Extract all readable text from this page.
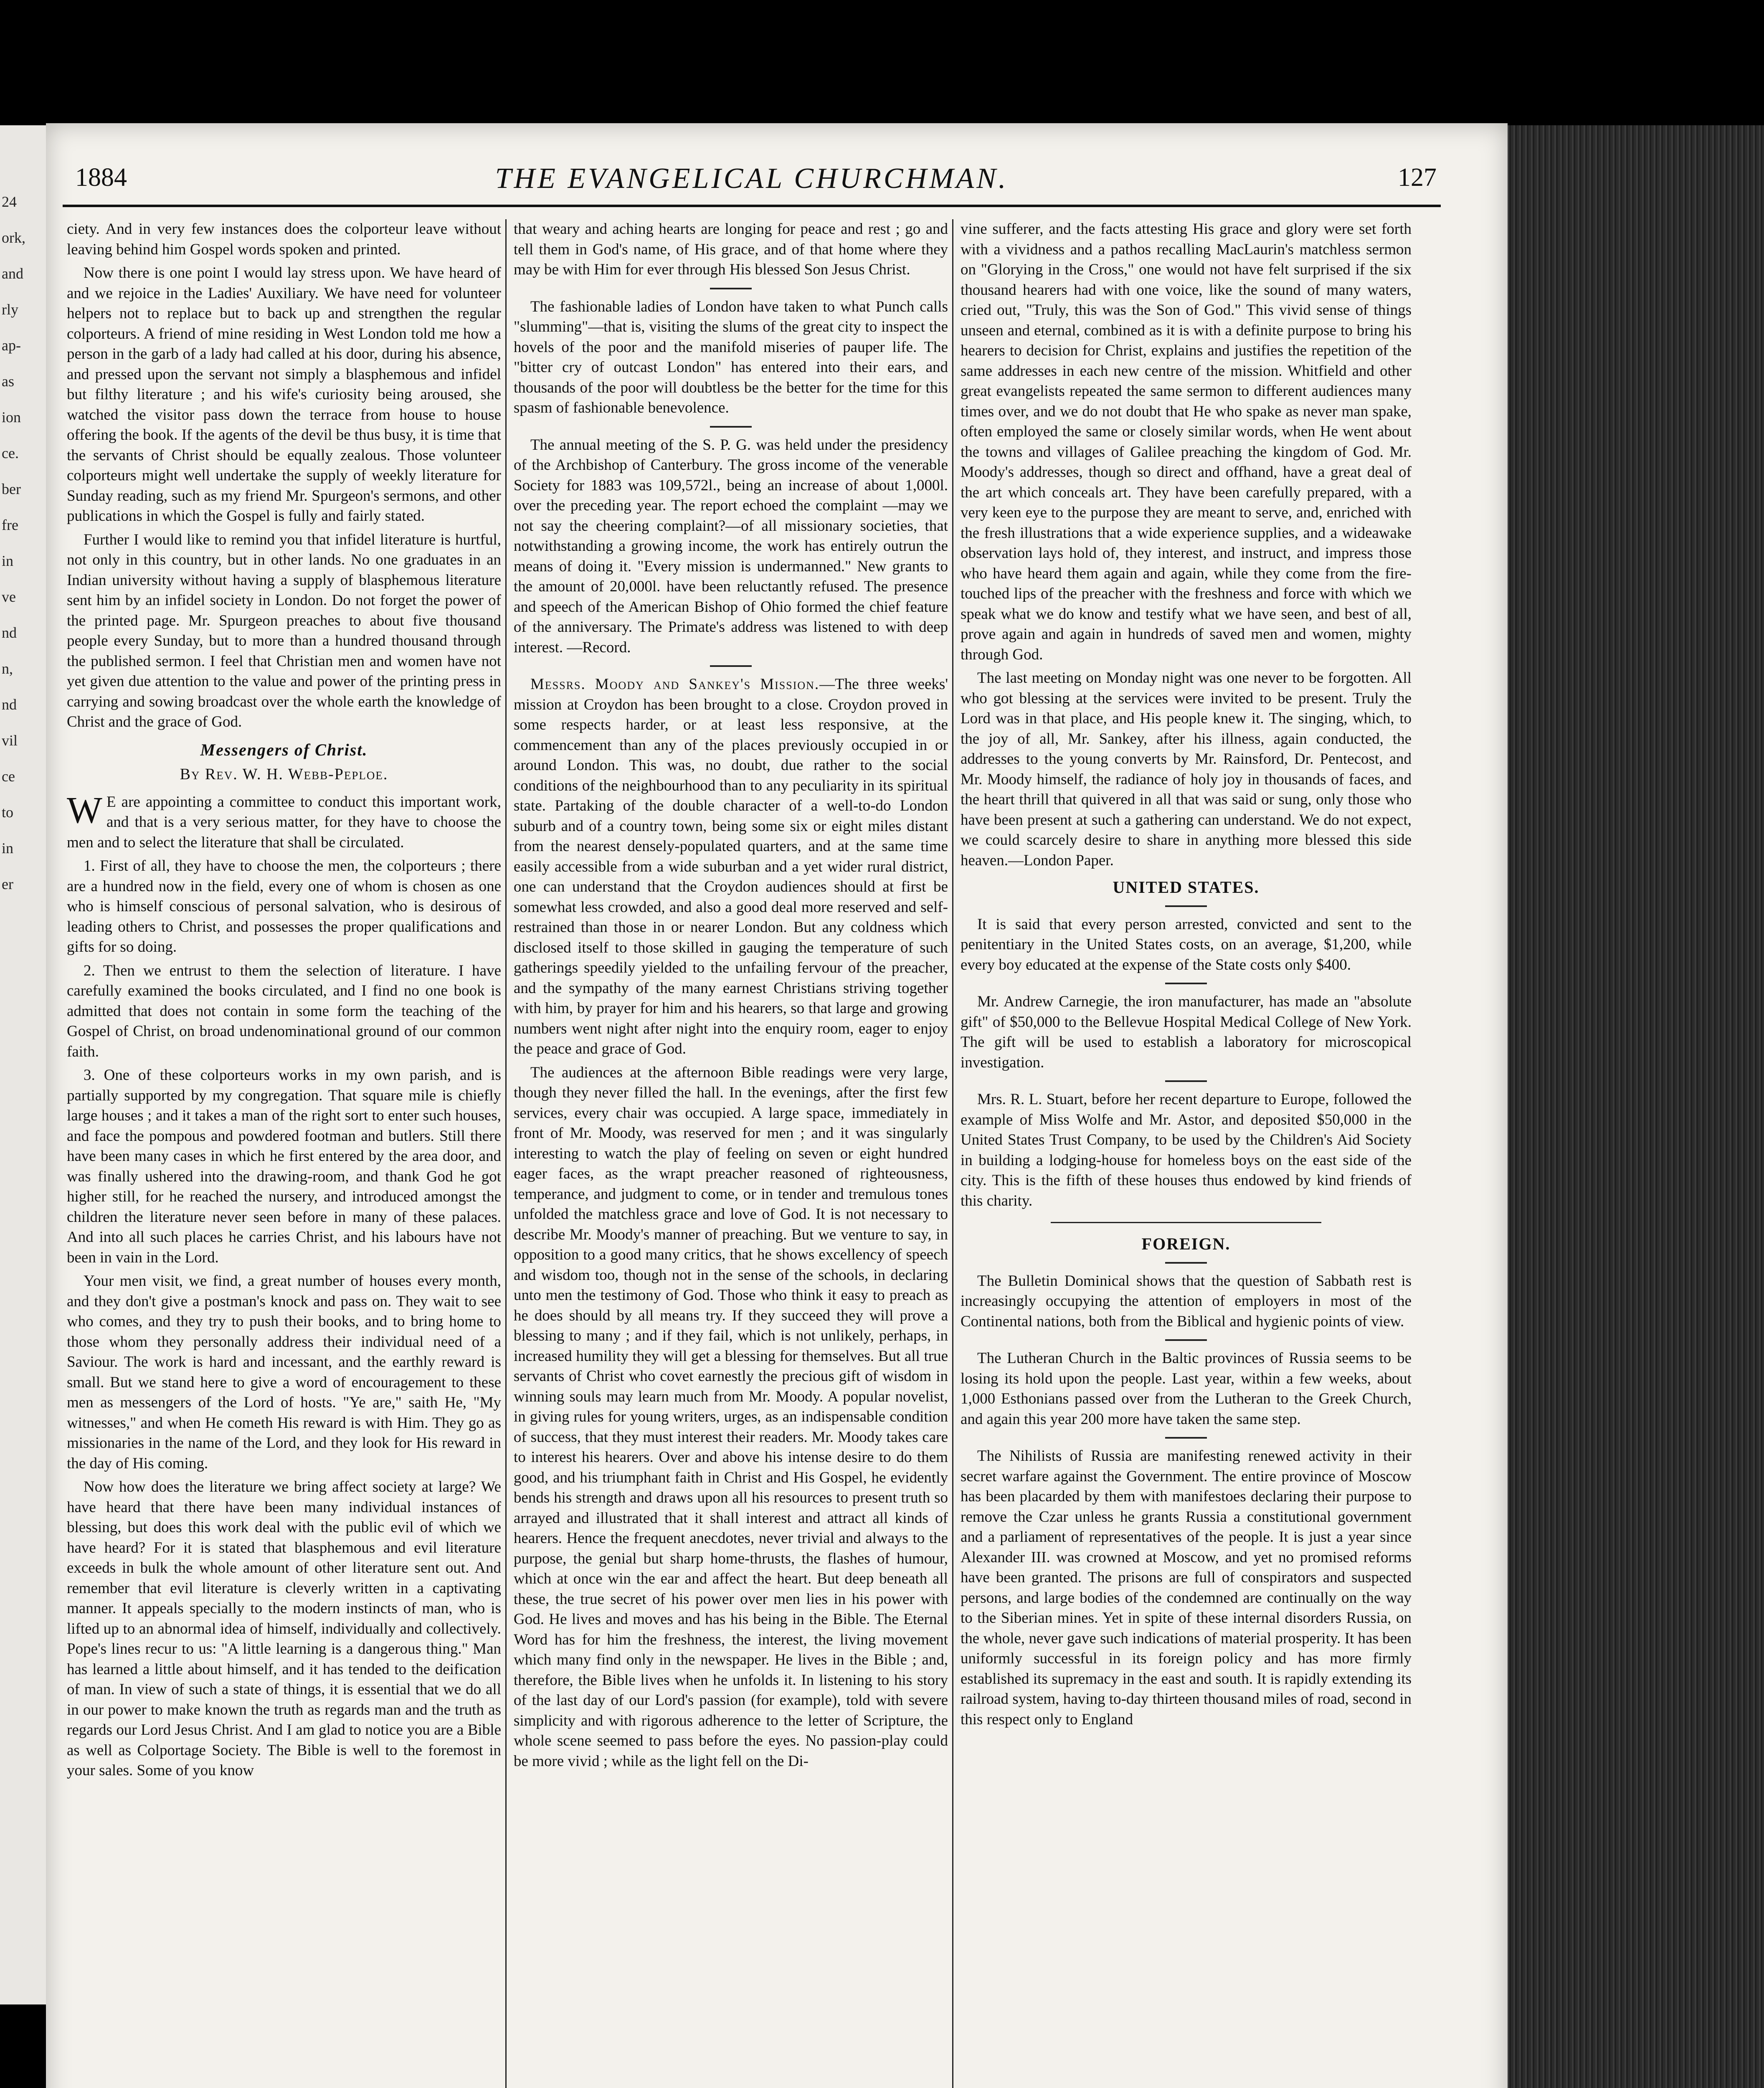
24
ork,
and
rly
ap-
as
ion
ce.
ber
fre
in
ve
nd
n,
nd
vil
ce
to
in
er
1884	THE EVANGELICAL CHURCHMAN.	127

ciety. And in very few instances does the colporteur leave without leaving behind him Gospel words spoken and printed.

Now there is one point I would lay stress upon. We have heard of and we rejoice in the Ladies' Auxiliary. We have need for volunteer helpers not to replace but to back up and strengthen the regular colporteurs. A friend of mine residing in West London told me how a person in the garb of a lady had called at his door, during his absence, and pressed upon the servant not simply a blasphemous and infidel but filthy literature ; and his wife's curiosity being aroused, she watched the visitor pass down the terrace from house to house offering the book. If the agents of the devil be thus busy, it is time that the servants of Christ should be equally zealous. Those volunteer colporteurs might well undertake the supply of weekly literature for Sunday reading, such as my friend Mr. Spurgeon's sermons, and other publications in which the Gospel is fully and fairly stated.

Further I would like to remind you that infidel literature is hurtful, not only in this country, but in other lands. No one graduates in an Indian university without having a supply of blasphemous literature sent him by an infidel society in London. Do not forget the power of the printed page. Mr. Spurgeon preaches to about five thousand people every Sunday, but to more than a hundred thousand through the published sermon. I feel that Christian men and women have not yet given due attention to the value and power of the printing press in carrying and sowing broadcast over the whole earth the knowledge of Christ and the grace of God.

Messengers of Christ.
By Rev. W. H. Webb-Peploe.

W E are appointing a committee to conduct this important work, and that is a very serious matter, for they have to choose the men and to select the literature that shall be circulated.

1. First of all, they have to choose the men, the colporteurs ; there are a hundred now in the field, every one of whom is chosen as one who is himself conscious of personal salvation, who is desirous of leading others to Christ, and possesses the proper qualifications and gifts for so doing.

2. Then we entrust to them the selection of literature. I have carefully examined the books circulated, and I find no one book is admitted that does not contain in some form the teaching of the Gospel of Christ, on broad undenominational ground of our common faith.

3. One of these colporteurs works in my own parish, and is partially supported by my congregation. That square mile is chiefly large houses ; and it takes a man of the right sort to enter such houses, and face the pompous and powdered footman and butlers. Still there have been many cases in which he first entered by the area door, and was finally ushered into the drawing-room, and thank God he got higher still, for he reached the nursery, and introduced amongst the children the literature never seen before in many of these palaces. And into all such places he carries Christ, and his labours have not been in vain in the Lord.

Your men visit, we find, a great number of houses every month, and they don't give a postman's knock and pass on. They wait to see who comes, and they try to push their books, and to bring home to those whom they personally address their individual need of a Saviour. The work is hard and incessant, and the earthly reward is small. But we stand here to give a word of encouragement to these men as messengers of the Lord of hosts. "Ye are," saith He, "My witnesses," and when He cometh His reward is with Him. They go as missionaries in the name of the Lord, and they look for His reward in the day of His coming.

Now how does the literature we bring affect society at large? We have heard that there have been many individual instances of blessing, but does this work deal with the public evil of which we have heard? For it is stated that blasphemous and evil literature exceeds in bulk the whole amount of other literature sent out. And remember that evil literature is cleverly written in a captivating manner. It appeals specially to the modern instincts of man, who is lifted up to an abnormal idea of himself, individually and collectively. Pope's lines recur to us: "A little learning is a dangerous thing." Man has learned a little about himself, and it has tended to the deification of man. In view of such a state of things, it is essential that we do all in our power to make known the truth as regards man and the truth as regards our Lord Jesus Christ. And I am glad to notice you are a Bible as well as Colportage Society. The Bible is well to the foremost in your sales. Some of you know

that weary and aching hearts are longing for peace and rest ; go and tell them in God's name, of His grace, and of that home where they may be with Him for ever through His blessed Son Jesus Christ.

The fashionable ladies of London have taken to what Punch calls "slumming"—that is, visiting the slums of the great city to inspect the hovels of the poor and the manifold miseries of pauper life. The "bitter cry of outcast London" has entered into their ears, and thousands of the poor will doubtless be the better for the time for this spasm of fashionable benevolence.

The annual meeting of the S. P. G. was held under the presidency of the Archbishop of Canterbury. The gross income of the venerable Society for 1883 was 109,572l., being an increase of about 1,000l. over the preceding year. The report echoed the complaint —may we not say the cheering complaint?—of all missionary societies, that notwithstanding a growing income, the work has entirely outrun the means of doing it. "Every mission is undermanned." New grants to the amount of 20,000l. have been reluctantly refused. The presence and speech of the American Bishop of Ohio formed the chief feature of the anniversary. The Primate's address was listened to with deep interest. —Record.

Messrs. Moody and Sankey's Mission.—The three weeks' mission at Croydon has been brought to a close. Croydon proved in some respects harder, or at least less responsive, at the commencement than any of the places previously occupied in or around London. This was, no doubt, due rather to the social conditions of the neighbourhood than to any peculiarity in its spiritual state. Partaking of the double character of a well-to-do London suburb and of a country town, being some six or eight miles distant from the nearest densely-populated quarters, and at the same time easily accessible from a wide suburban and a yet wider rural district, one can understand that the Croydon audiences should at first be somewhat less crowded, and also a good deal more reserved and self-restrained than those in or nearer London. But any coldness which disclosed itself to those skilled in gauging the temperature of such gatherings speedily yielded to the unfailing fervour of the preacher, and the sympathy of the many earnest Christians striving together with him, by prayer for him and his hearers, so that large and growing numbers went night after night into the enquiry room, eager to enjoy the peace and grace of God.

The audiences at the afternoon Bible readings were very large, though they never filled the hall. In the evenings, after the first few services, every chair was occupied. A large space, immediately in front of Mr. Moody, was reserved for men ; and it was singularly interesting to watch the play of feeling on seven or eight hundred eager faces, as the wrapt preacher reasoned of righteousness, temperance, and judgment to come, or in tender and tremulous tones unfolded the matchless grace and love of God. It is not necessary to describe Mr. Moody's manner of preaching. But we venture to say, in opposition to a good many critics, that he shows excellency of speech and wisdom too, though not in the sense of the schools, in declaring unto men the testimony of God. Those who think it easy to preach as he does should by all means try. If they succeed they will prove a blessing to many ; and if they fail, which is not unlikely, perhaps, in increased humility they will get a blessing for themselves. But all true servants of Christ who covet earnestly the precious gift of wisdom in winning souls may learn much from Mr. Moody. A popular novelist, in giving rules for young writers, urges, as an indispensable condition of success, that they must interest their readers. Mr. Moody takes care to interest his hearers. Over and above his intense desire to do them good, and his triumphant faith in Christ and His Gospel, he evidently bends his strength and draws upon all his resources to present truth so arrayed and illustrated that it shall interest and attract all kinds of hearers. Hence the frequent anecdotes, never trivial and always to the purpose, the genial but sharp home-thrusts, the flashes of humour, which at once win the ear and affect the heart. But deep beneath all these, the true secret of his power over men lies in his power with God. He lives and moves and has his being in the Bible. The Eternal Word has for him the freshness, the interest, the living movement which many find only in the newspaper. He lives in the Bible ; and, therefore, the Bible lives when he unfolds it. In listening to his story of the last day of our Lord's passion (for example), told with severe simplicity and with rigorous adherence to the letter of Scripture, the whole scene seemed to pass before the eyes. No passion-play could be more vivid ; while as the light fell on the Di-

vine sufferer, and the facts attesting His grace and glory were set forth with a vividness and a pathos recalling MacLaurin's matchless sermon on "Glorying in the Cross," one would not have felt surprised if the six thousand hearers had with one voice, like the sound of many waters, cried out, "Truly, this was the Son of God." This vivid sense of things unseen and eternal, combined as it is with a definite purpose to bring his hearers to decision for Christ, explains and justifies the repetition of the same addresses in each new centre of the mission. Whitfield and other great evangelists repeated the same sermon to different audiences many times over, and we do not doubt that He who spake as never man spake, often employed the same or closely similar words, when He went about the towns and villages of Galilee preaching the kingdom of God. Mr. Moody's addresses, though so direct and offhand, have a great deal of the art which conceals art. They have been carefully prepared, with a very keen eye to the purpose they are meant to serve, and, enriched with the fresh illustrations that a wide experience supplies, and a wideawake observation lays hold of, they interest, and instruct, and impress those who have heard them again and again, while they come from the fire-touched lips of the preacher with the freshness and force with which we speak what we do know and testify what we have seen, and best of all, prove again and again in hundreds of saved men and women, mighty through God.

The last meeting on Monday night was one never to be forgotten. All who got blessing at the services were invited to be present. Truly the Lord was in that place, and His people knew it. The singing, which, to the joy of all, Mr. Sankey, after his illness, again conducted, the addresses to the young converts by Mr. Rainsford, Dr. Pentecost, and Mr. Moody himself, the radiance of holy joy in thousands of faces, and the heart thrill that quivered in all that was said or sung, only those who have been present at such a gathering can understand. We do not expect, we could scarcely desire to share in anything more blessed this side heaven.—London Paper.

UNITED STATES.

It is said that every person arrested, convicted and sent to the penitentiary in the United States costs, on an average, $1,200, while every boy educated at the expense of the State costs only $400.

Mr. Andrew Carnegie, the iron manufacturer, has made an "absolute gift" of $50,000 to the Bellevue Hospital Medical College of New York. The gift will be used to establish a laboratory for microscopical investigation.

Mrs. R. L. Stuart, before her recent departure to Europe, followed the example of Miss Wolfe and Mr. Astor, and deposited $50,000 in the United States Trust Company, to be used by the Children's Aid Society in building a lodging-house for homeless boys on the east side of the city. This is the fifth of these houses thus endowed by kind friends of this charity.

FOREIGN.

The Bulletin Dominical shows that the question of Sabbath rest is increasingly occupying the attention of employers in most of the Continental nations, both from the Biblical and hygienic points of view.

The Lutheran Church in the Baltic provinces of Russia seems to be losing its hold upon the people. Last year, within a few weeks, about 1,000 Esthonians passed over from the Lutheran to the Greek Church, and again this year 200 more have taken the same step.

The Nihilists of Russia are manifesting renewed activity in their secret warfare against the Government. The entire province of Moscow has been placarded by them with manifestoes declaring their purpose to remove the Czar unless he grants Russia a constitutional government and a parliament of representatives of the people. It is just a year since Alexander III. was crowned at Moscow, and yet no promised reforms have been granted. The prisons are full of conspirators and suspected persons, and large bodies of the condemned are continually on the way to the Siberian mines. Yet in spite of these internal disorders Russia, on the whole, never gave such indications of material prosperity. It has been uniformly successful in its foreign policy and has more firmly established its supremacy in the east and south. It is rapidly extending its railroad system, having to-day thirteen thousand miles of road, second in this respect only to England
